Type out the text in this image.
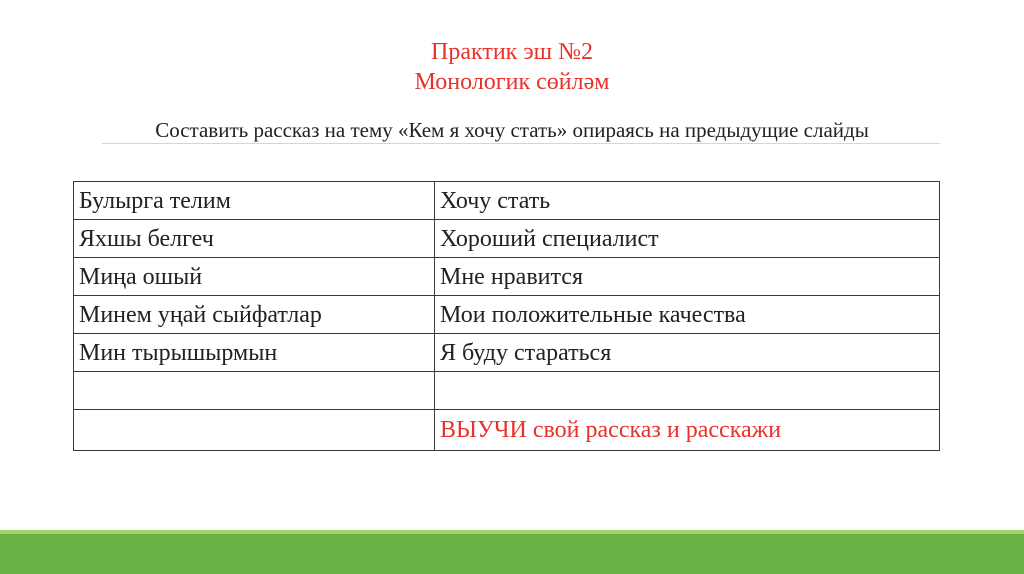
Практик эш №2
Монологик сөйләм
Составить рассказ на тему «Кем я хочу стать» опираясь на предыдущие слайды
Булырга телим	Хочу стать
Яхшы белгеч	Хороший специалист
Миңа ошый	Мне нравится
Минем уңай сыйфатлар	Мои положительные качества
Мин тырышырмын	Я буду стараться

	ВЫУЧИ свой рассказ и расскажи
